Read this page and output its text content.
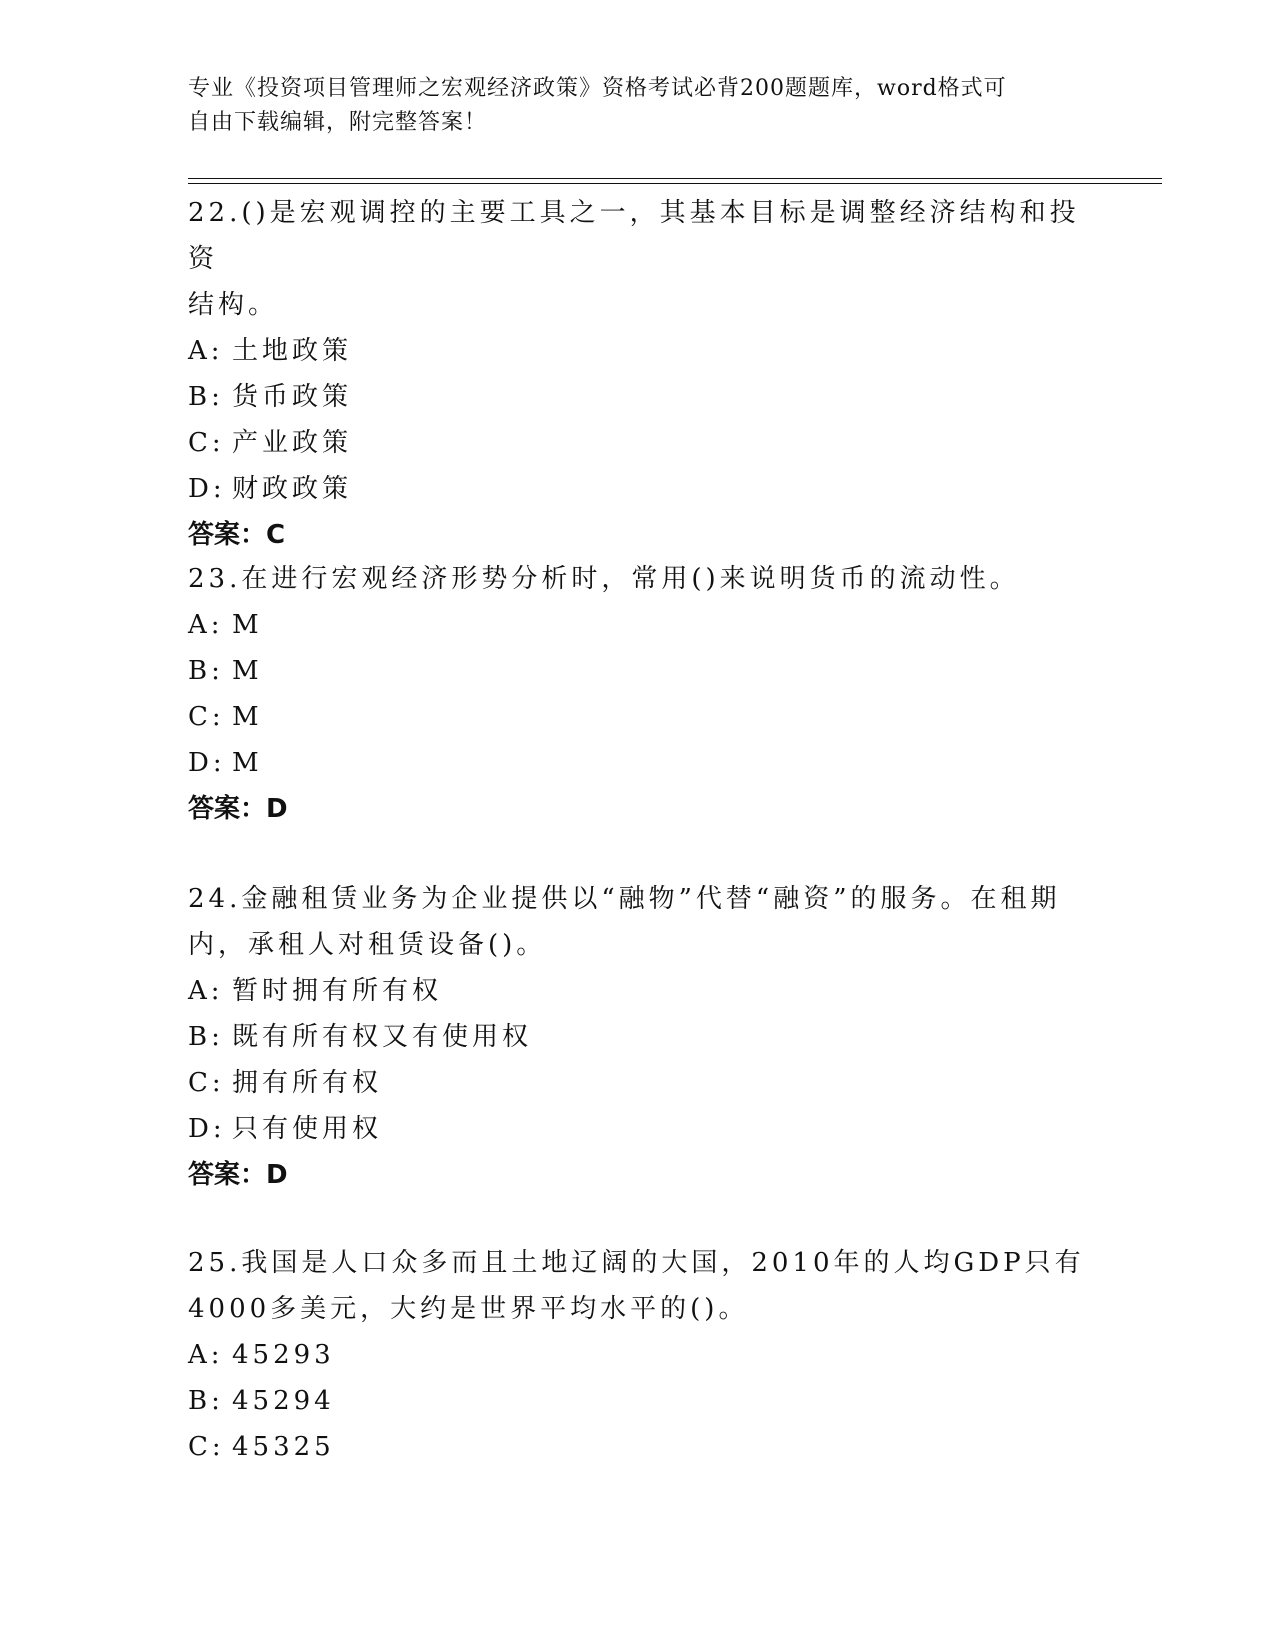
专业《投资项目管理师之宏观经济政策》资格考试必背200题题库，word格式可
自由下载编辑，附完整答案！

22.()是宏观调控的主要工具之一，其基本目标是调整经济结构和投资
结构。

A: 土地政策

B: 货币政策

C: 产业政策

D: 财政政策

答案：C

23.在进行宏观经济形势分析时，常用()来说明货币的流动性。

A: M

B: M

C: M

D: M

答案：D

24.金融租赁业务为企业提供以“融物”代替“融资”的服务。在租期
内，承租人对租赁设备()。

A: 暂时拥有所有权

B: 既有所有权又有使用权

C: 拥有所有权

D: 只有使用权

答案：D

25.我国是人口众多而且土地辽阔的大国，2010年的人均GDP只有
4000多美元，大约是世界平均水平的()。

A: 45293

B: 45294

C: 45325
